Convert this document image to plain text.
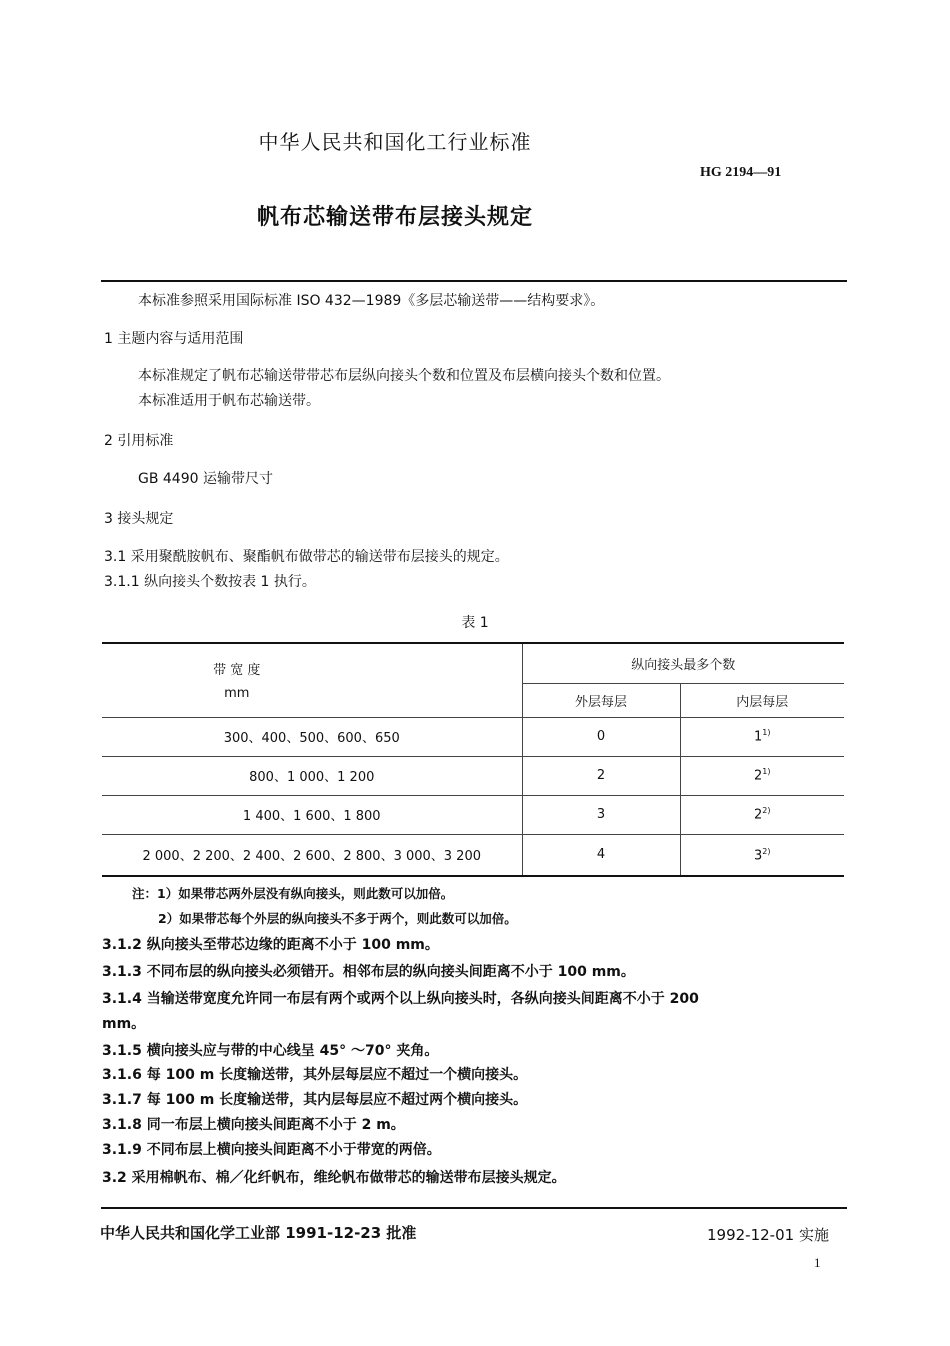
中华人民共和国化工行业标准
HG 2194—91
帆布芯输送带布层接头规定
本标准参照采用国际标准 ISO 432—1989《多层芯输送带——结构要求》。
1 主题内容与适用范围
本标准规定了帆布芯输送带带芯布层纵向接头个数和位置及布层横向接头个数和位置。
本标准适用于帆布芯输送带。
2 引用标准
GB 4490 运输带尺寸
3 接头规定
3.1 采用聚酰胺帆布、聚酯帆布做带芯的输送带布层接头的规定。
3.1.1 纵向接头个数按表 1 执行。
表 1
带 宽 度
mm	纵向接头最多个数	
	外层每层	内层每层
300、400、500、600、650	0	1$^{1)}$
800、1 000、1 200	2	2$^{1)}$
1 400、1 600、1 800	3	2$^{2)}$
2 000、2 200、2 400、2 600、2 800、3 000、3 200	4	3$^{2)}$
注：1）如果带芯两外层没有纵向接头，则此数可以加倍。
2）如果带芯每个外层的纵向接头不多于两个，则此数可以加倍。
3.1.2 纵向接头至带芯边缘的距离不小于 100 mm。
3.1.3 不同布层的纵向接头必须错开。相邻布层的纵向接头间距离不小于 100 mm。
3.1.4 当输送带宽度允许同一布层有两个或两个以上纵向接头时，各纵向接头间距离不小于 200
mm。
3.1.5 横向接头应与带的中心线呈 45° ～70° 夹角。
3.1.6 每 100 m 长度输送带，其外层每层应不超过一个横向接头。
3.1.7 每 100 m 长度输送带，其内层每层应不超过两个横向接头。
3.1.8 同一布层上横向接头间距离不小于 2 m。
3.1.9 不同布层上横向接头间距离不小于带宽的两倍。
3.2 采用棉帆布、棉／化纤帆布，维纶帆布做带芯的输送带布层接头规定。
中华人民共和国化学工业部 1991-12-23 批准	1992-12-01 实施
1
